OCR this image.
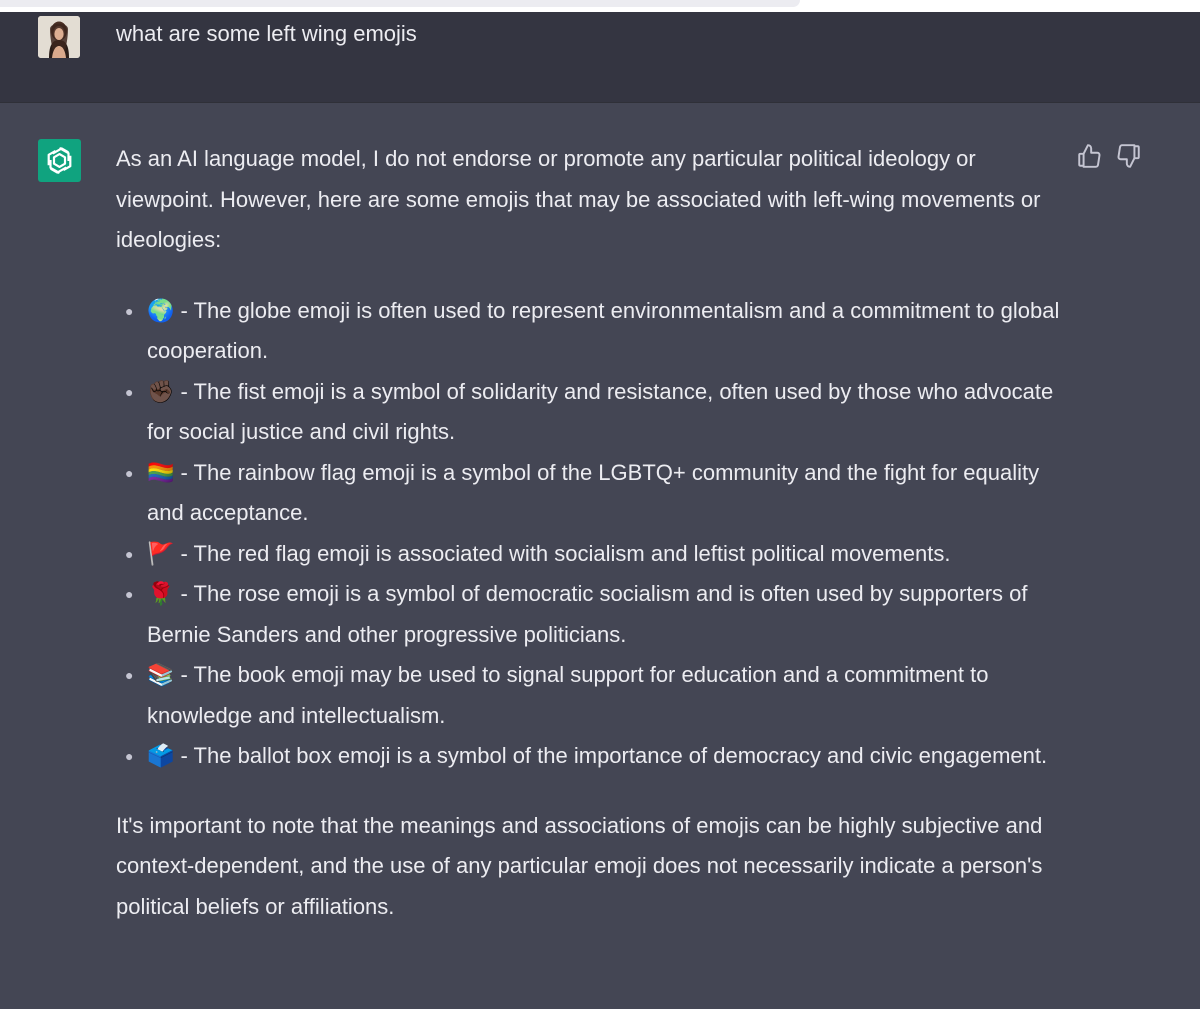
what are some left wing emojis

As an AI language model, I do not endorse or promote any particular political ideology or viewpoint. However, here are some emojis that may be associated with left-wing movements or ideologies:

● 🌍 - The globe emoji is often used to represent environmentalism and a commitment to global cooperation.
● ✊🏿 - The fist emoji is a symbol of solidarity and resistance, often used by those who advocate for social justice and civil rights.
● 🏳️‍🌈 - The rainbow flag emoji is a symbol of the LGBTQ+ community and the fight for equality and acceptance.
● 🚩 - The red flag emoji is associated with socialism and leftist political movements.
● 🌹 - The rose emoji is a symbol of democratic socialism and is often used by supporters of Bernie Sanders and other progressive politicians.
● 📚 - The book emoji may be used to signal support for education and a commitment to knowledge and intellectualism.
● 🗳️ - The ballot box emoji is a symbol of the importance of democracy and civic engagement.

It's important to note that the meanings and associations of emojis can be highly subjective and context-dependent, and the use of any particular emoji does not necessarily indicate a person's political beliefs or affiliations.
